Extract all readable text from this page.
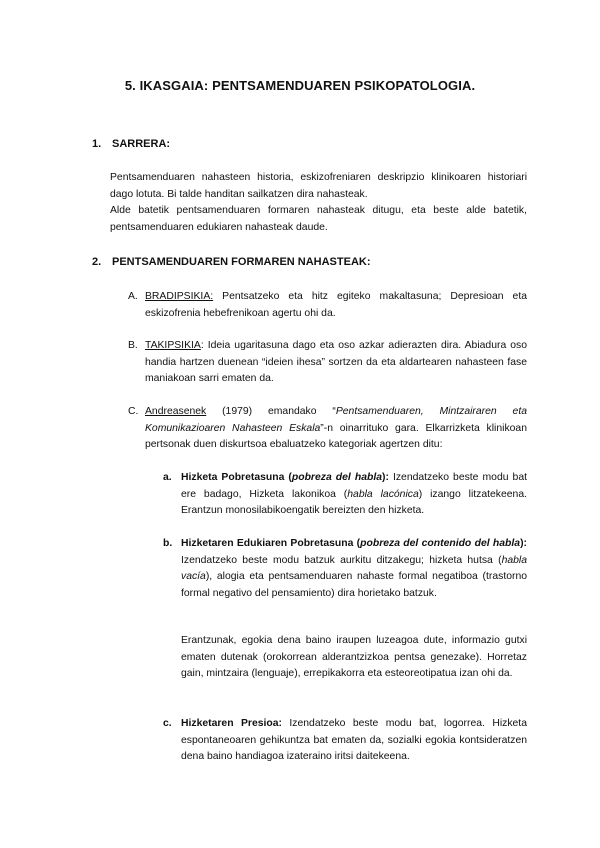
5. IKASGAIA: PENTSAMENDUAREN PSIKOPATOLOGIA.
1. SARRERA:
Pentsamenduaren nahasteen historia, eskizofreniaren deskripzio klinikoaren historiari dago lotuta. Bi talde handitan sailkatzen dira nahasteak.
Alde batetik pentsamenduaren formaren nahasteak ditugu, eta beste alde batetik, pentsamenduaren edukiaren nahasteak daude.
2. PENTSAMENDUAREN FORMAREN NAHASTEAK:
A. BRADIPSIKIA: Pentsatzeko eta hitz egiteko makaltasuna; Depresioan eta eskizofrenia hebefrenikoan agertu ohi da.
B. TAKIPSIKIA: Ideia ugaritasuna dago eta oso azkar adierazten dira. Abiadura oso handia hartzen duenean “ideien ihesa” sortzen da eta aldartearen nahasteen fase maniakoan sarri ematen da.
C. Andreasenek (1979) emandako “Pentsamenduaren, Mintzairaren eta Komunikazioaren Nahasteen Eskala”-n oinarrituko gara. Elkarrizketa klinikoan pertsonak duen diskurtsoa ebaluatzeko kategoriak agertzen ditu:
a. Hizketa Pobretasuna (pobreza del habla): Izendatzeko beste modu bat ere badago, Hizketa lakonikoa (habla lacónica) izango litzatekeena. Erantzun monosilabikoengatik bereizten den hizketa.
b. Hizketaren Edukiaren Pobretasuna (pobreza del contenido del habla): Izendatzeko beste modu batzuk aurkitu ditzakegu; hizketa hutsa (habla vacía), alogia eta pentsamenduaren nahaste formal negatiboa (trastorno formal negativo del pensamiento) dira horietako batzuk.
Erantzunak, egokia dena baino iraupen luzeagoa dute, informazio gutxi ematen dutenak (orokorrean alderantzizkoa pentsa genezake). Horretaz gain, mintzaira (lenguaje), errepikakorra eta esteoreotipatua izan ohi da.
c. Hizketaren Presioa: Izendatzeko beste modu bat, logorrea. Hizketa espontaneoaren gehikuntza bat ematen da, sozialki egokia kontsideratzen dena baino handiagoa izateraino iritsi daitekeena.
